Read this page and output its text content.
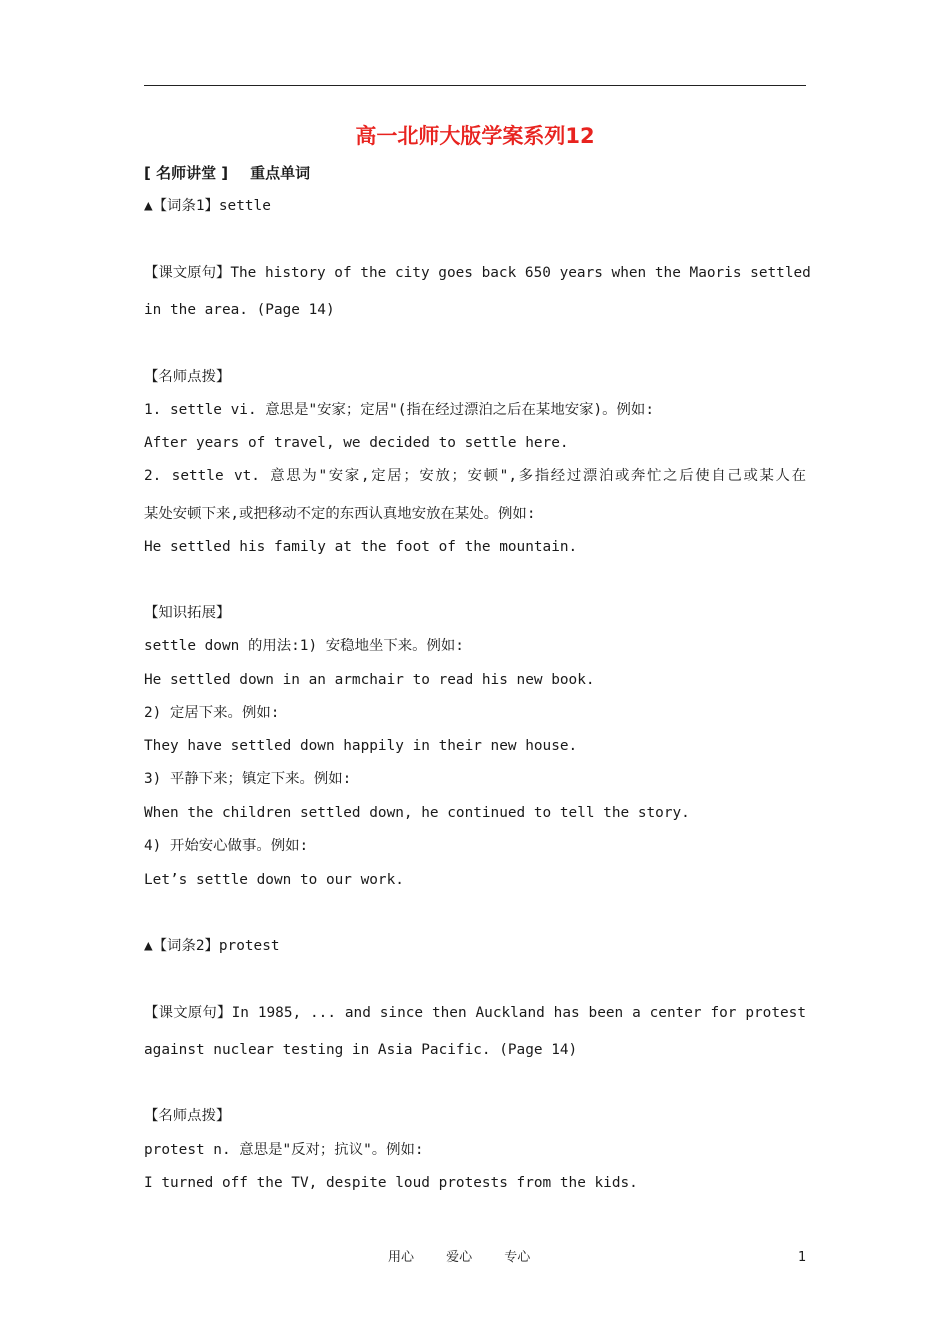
高一北师大版学案系列12
[ 名师讲堂 ] 重点单词
▲【词条1】settle
【课文原句】The history of the city goes back 650 years when the Maoris settled
in the area. (Page 14)
【名师点拨】
1. settle vi. 意思是"安家；定居"(指在经过漂泊之后在某地安家)。例如:
After years of travel, we decided to settle here.
2. settle vt. 意思为"安家,定居；安放；安顿",多指经过漂泊或奔忙之后使自己或某人在
某处安顿下来,或把移动不定的东西认真地安放在某处。例如:
He settled his family at the foot of the mountain.
【知识拓展】
settle down 的用法:1) 安稳地坐下来。例如:
He settled down in an armchair to read his new book.
2) 定居下来。例如:
They have settled down happily in their new house.
3) 平静下来；镇定下来。例如:
When the children settled down, he continued to tell the story.
4) 开始安心做事。例如:
Let’s settle down to our work.
▲【词条2】protest
【课文原句】In 1985, ... and since then Auckland has been a center for protest
against nuclear testing in Asia Pacific. (Page 14)
【名师点拨】
protest n. 意思是"反对；抗议"。例如:
I turned off the TV, despite loud protests from the kids.
用心 爱心 专心	1
